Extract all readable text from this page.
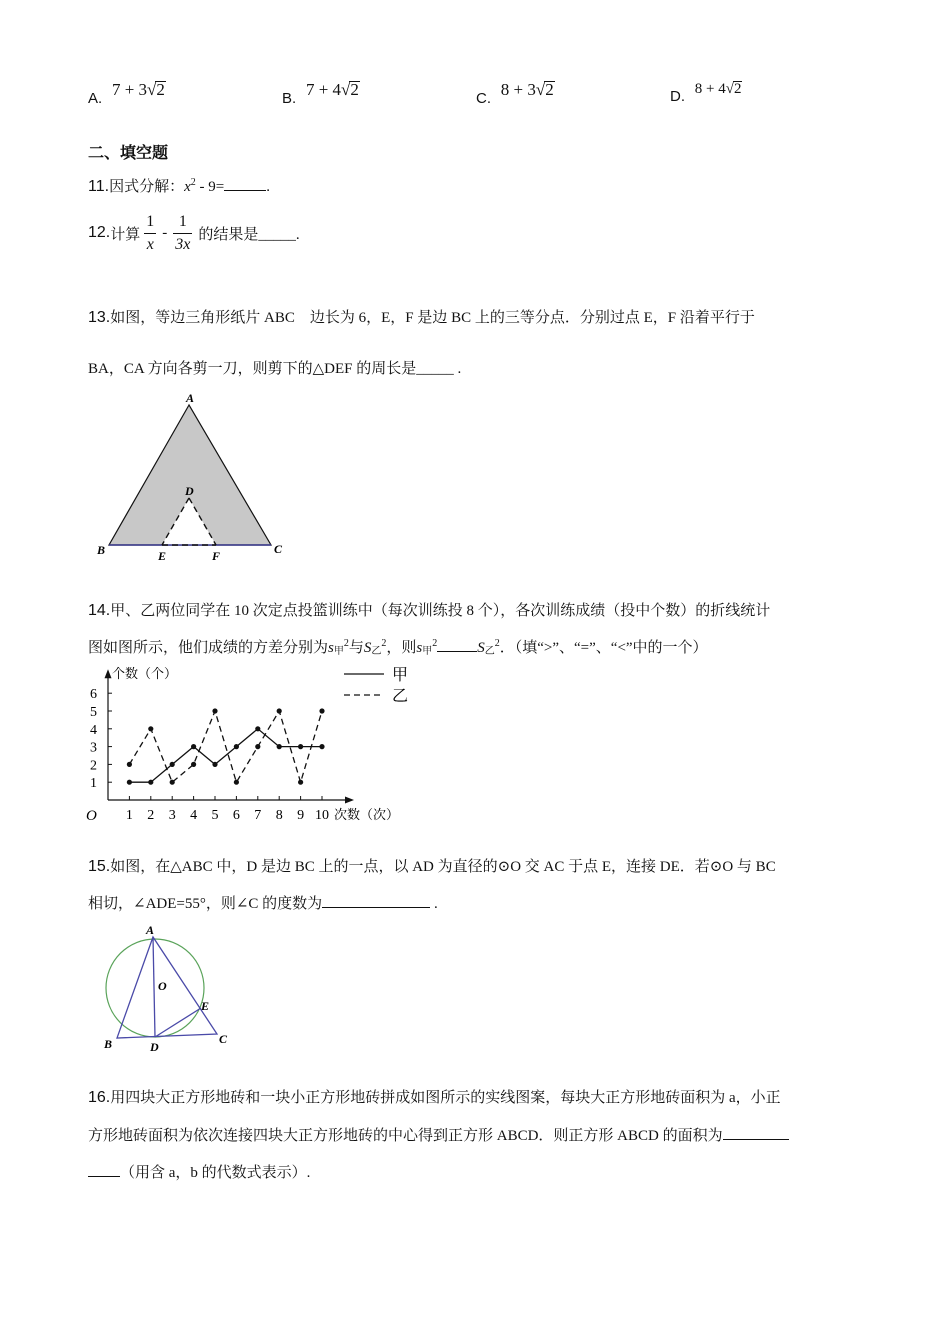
A. 7 + 3√2	B. 7 + 4√2	C. 8 + 3√2	D. 8 + 4√2
二、填空题
11.因式分解：$x^2 - 9=$	.
12. 计算 $\frac{1}{x} - \frac{1}{3x}$ 的结果是_____.
13.如图，等边三角形纸片 ABC　边长为 6，E，F 是边 BC 上的三等分点．分别过点 E，F 沿着平行于
BA，CA 方向各剪一刀，则剪下的△DEF 的周长是_____ .
A
D
B	C
E	F
14.甲、乙两位同学在 10 次定点投篮训练中（每次训练投 8 个），各次训练成绩（投中个数）的折线统计
图如图所示，他们成绩的方差分别为$s_甲^2$与$S_乙^2$，则$s_甲^2$	$S_乙^2$．（填“>”、“=”、“<”中的一个）
1
2
3
4
5
6
1 2 3 4 5 6 7 8 9 10
O
个数（个）
次数（次）
甲
乙
15.如图，在△ABC 中，D 是边 BC 上的一点，以 AD 为直径的⊙O 交 AC 于点 E，连接 DE．若⊙O 与 BC
相切，∠ADE=55°，则∠C 的度数为	.
A
O
E
B	D
C
16.用四块大正方形地砖和一块小正方形地砖拼成如图所示的实线图案，每块大正方形地砖面积为 a，小正
方形地砖面积为依次连接四块大正方形地砖的中心得到正方形 ABCD．则正方形 ABCD 的面积为
（用含 a，b 的代数式表示）.
